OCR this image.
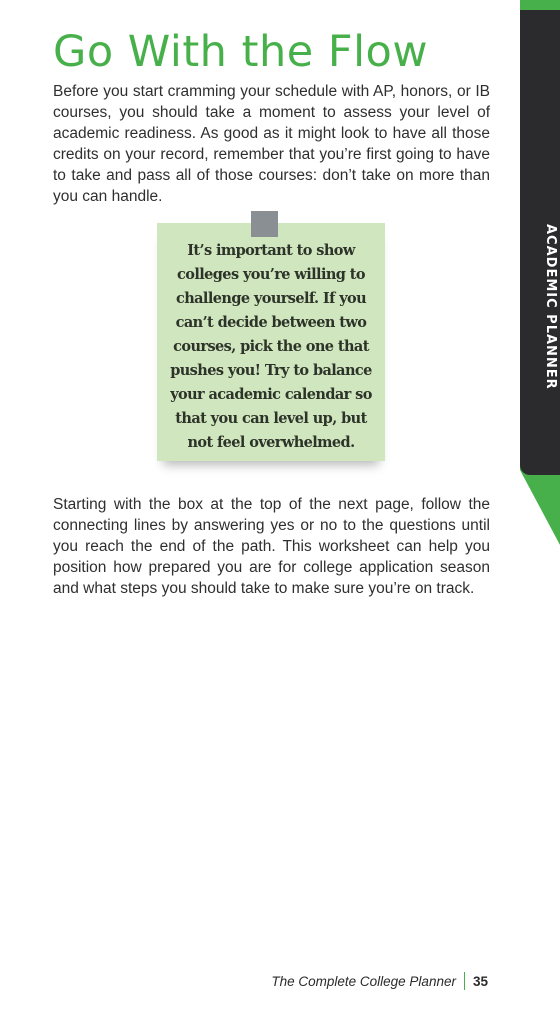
Go With the Flow

Before you start cramming your schedule with AP, honors, or IB courses, you should take a moment to assess your level of academic readiness. As good as it might look to have all those credits on your record, remember that you’re first going to have to take and pass all of those courses: don’t take on more than you can handle.

It’s important to show colleges you’re willing to challenge yourself. If you can’t decide between two courses, pick the one that pushes you! Try to balance your academic calendar so that you can level up, but not feel overwhelmed.

Starting with the box at the top of the next page, follow the connecting lines by answering yes or no to the questions until you reach the end of the path. This worksheet can help you position how prepared you are for college application season and what steps you should take to make sure you’re on track.

ACADEMIC PLANNER
The Complete College Planner 35
